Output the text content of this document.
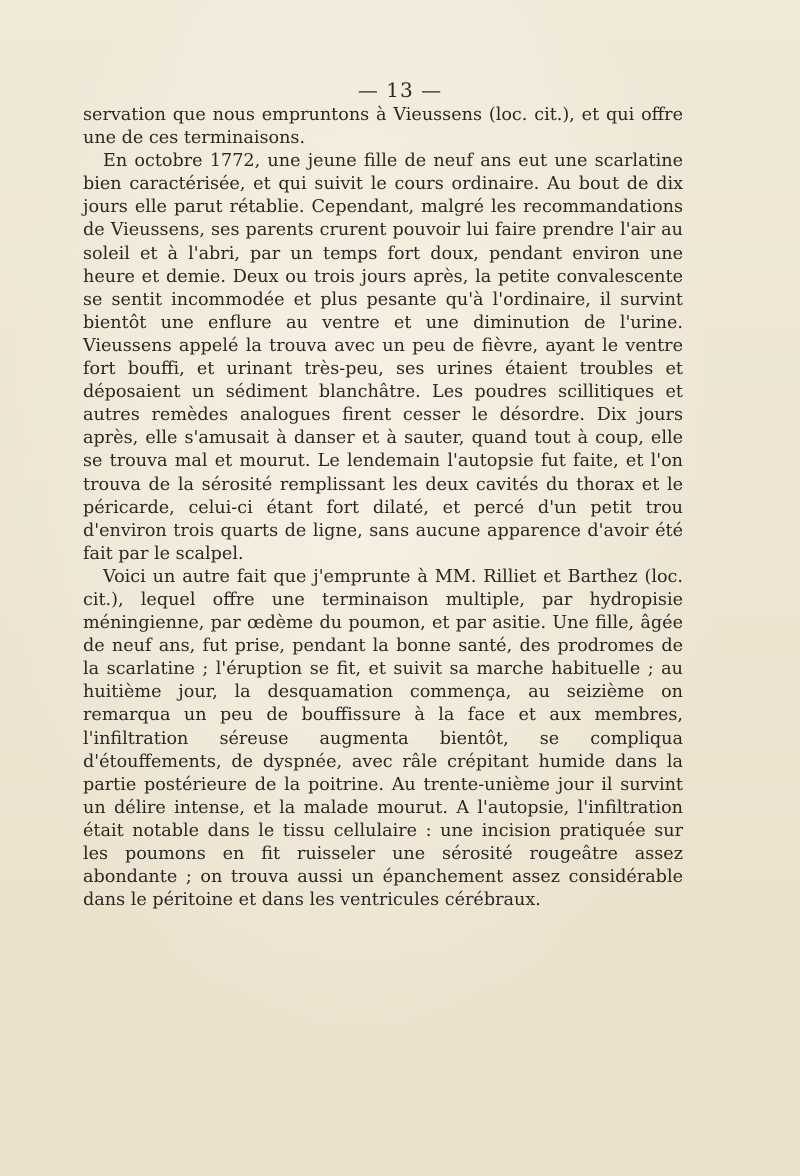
— 13 —

servation que nous empruntons à Vieussens (loc. cit.), et qui offre une de ces terminaisons.

En octobre 1772, une jeune fille de neuf ans eut une scarlatine bien caractérisée, et qui suivit le cours ordinaire. Au bout de dix jours elle parut rétablie. Cependant, malgré les recommandations de Vieussens, ses parents crurent pouvoir lui faire prendre l'air au soleil et à l'abri, par un temps fort doux, pendant environ une heure et demie. Deux ou trois jours après, la petite convalescente se sentit incommodée et plus pesante qu'à l'ordinaire, il survint bientôt une enflure au ventre et une diminution de l'urine. Vieussens appelé la trouva avec un peu de fièvre, ayant le ventre fort bouffi, et urinant très-peu, ses urines étaient troubles et déposaient un sédiment blanchâtre. Les poudres scillitiques et autres remèdes analogues firent cesser le désordre. Dix jours après, elle s'amusait à danser et à sauter, quand tout à coup, elle se trouva mal et mourut. Le lendemain l'autopsie fut faite, et l'on trouva de la sérosité remplissant les deux cavités du thorax et le péricarde, celui-ci étant fort dilaté, et percé d'un petit trou d'environ trois quarts de ligne, sans aucune apparence d'avoir été fait par le scalpel.

Voici un autre fait que j'emprunte à MM. Rilliet et Barthez (loc. cit.), lequel offre une terminaison multiple, par hydropisie méningienne, par œdème du poumon, et par asitie. Une fille, âgée de neuf ans, fut prise, pendant la bonne santé, des prodromes de la scarlatine ; l'éruption se fit, et suivit sa marche habituelle ; au huitième jour, la desquamation commença, au seizième on remarqua un peu de bouffissure à la face et aux membres, l'infiltration séreuse augmenta bientôt, se compliqua d'étouffements, de dyspnée, avec râle crépitant humide dans la partie postérieure de la poitrine. Au trente-unième jour il survint un délire intense, et la malade mourut. A l'autopsie, l'infiltration était notable dans le tissu cellulaire : une incision pratiquée sur les poumons en fit ruisseler une sérosité rougeâtre assez abondante ; on trouva aussi un épanchement assez considérable dans le péritoine et dans les ventricules cérébraux.
